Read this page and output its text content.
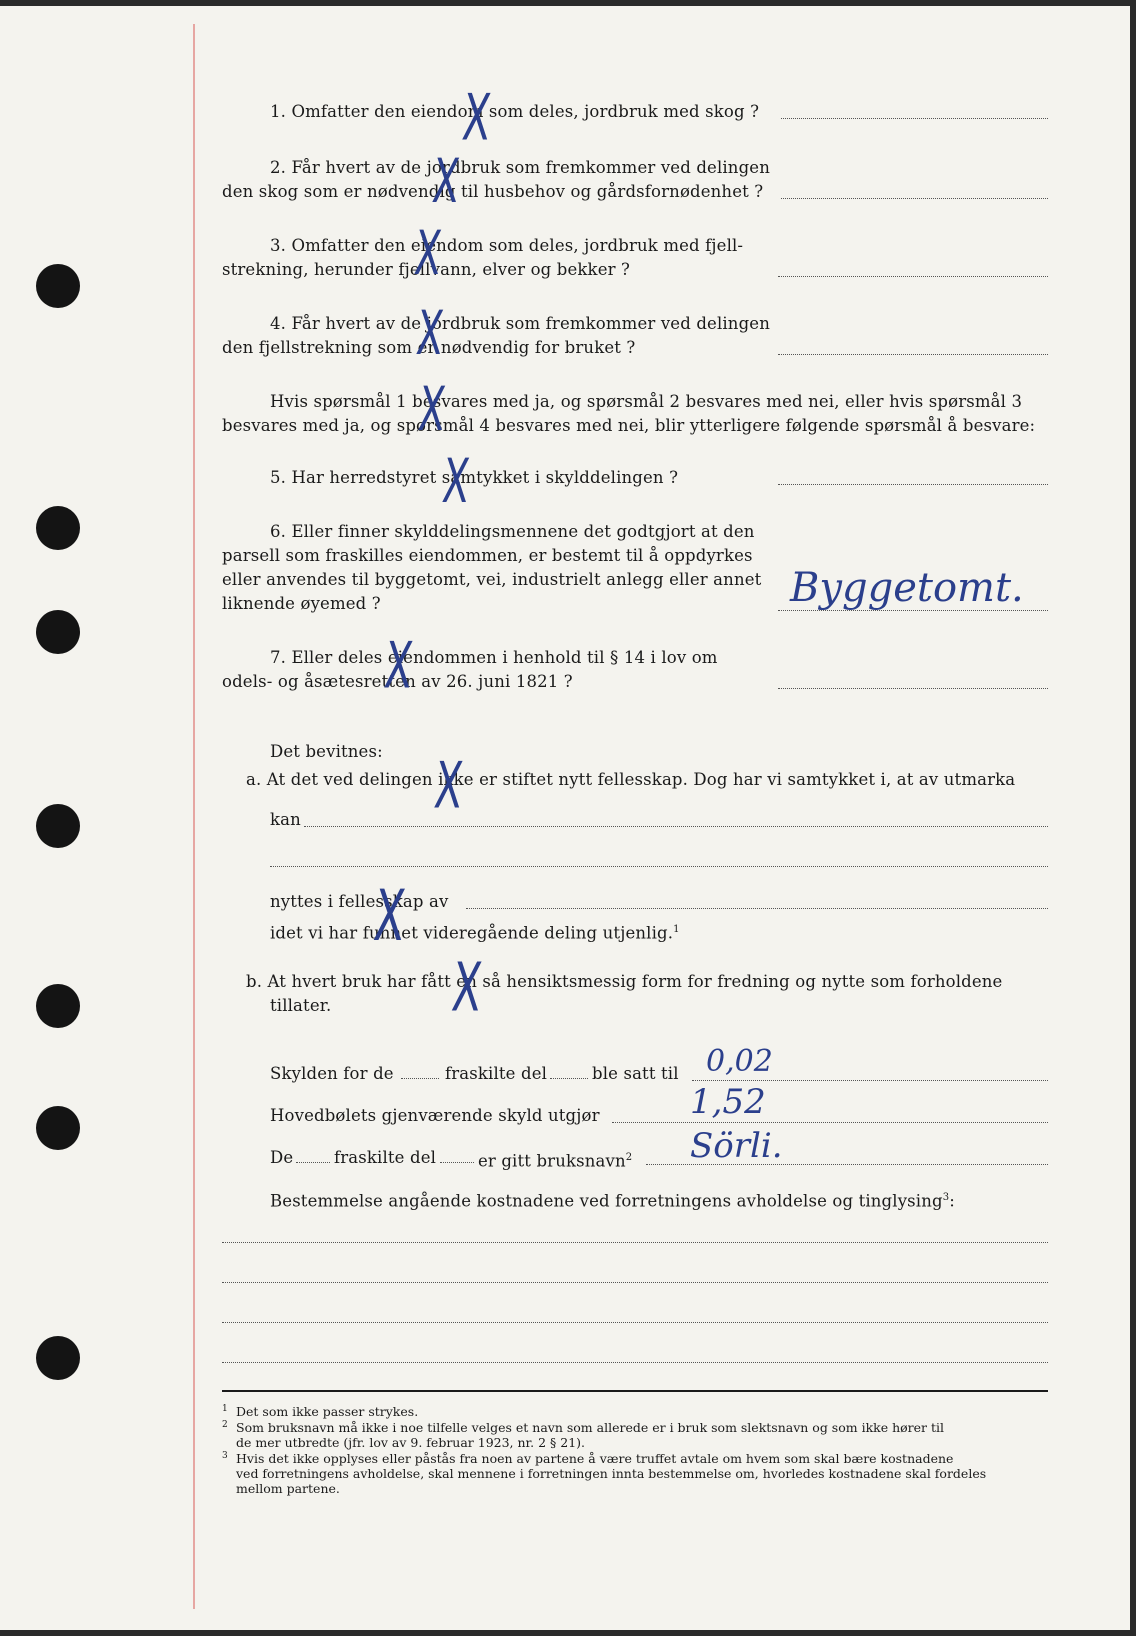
1. Omfatter den eiendom som deles, jordbruk med skog ?
2. Får hvert av de jordbruk som fremkommer ved delingen
den skog som er nødvendig til husbehov og gårdsfornødenhet ?
3. Omfatter den eiendom som deles, jordbruk med fjell-
strekning, herunder fjellvann, elver og bekker ?
4. Får hvert av de jordbruk som fremkommer ved delingen
den fjellstrekning som er nødvendig for bruket ?
Hvis spørsmål 1 besvares med ja, og spørsmål 2 besvares med nei, eller hvis spørsmål 3
besvares med ja, og spørsmål 4 besvares med nei, blir ytterligere følgende spørsmål å besvare:
5. Har herredstyret samtykket i skylddelingen ?
6. Eller finner skylddelingsmennene det godtgjort at den
parsell som fraskilles eiendommen, er bestemt til å oppdyrkes
eller anvendes til byggetomt, vei, industrielt anlegg eller annet
liknende øyemed ?	Byggetomt.
7. Eller deles eiendommen i henhold til § 14 i lov om
odels- og åsætesretten av 26. juni 1821 ?
Det bevitnes:
a. At det ved delingen ikke er stiftet nytt fellesskap. Dog har vi samtykket i, at av utmarka
kan
nyttes i fellesskap av
idet vi har funnet videregående deling utjenlig.$^1$
b. At hvert bruk har fått en så hensiktsmessig form for fredning og nytte som forholdene
tillater.
Skylden for de	fraskilte del	ble satt til 0,02
Hovedbølets gjenværende skyld utgjør	1,52
De fraskilte del	er gitt bruksnavn$^2$ Sörli.
Bestemmelse angående kostnadene ved forretningens avholdelse og tinglysing$^3$:
X
X
X
X
X
X
X
X
X
X
1 Det som ikke passer strykes.
2 Som bruksnavn må ikke i noe tilfelle velges et navn som allerede er i bruk som slektsnavn og som ikke hører til
de mer utbredte (jfr. lov av 9. februar 1923, nr. 2 § 21).
3 Hvis det ikke opplyses eller påstås fra noen av partene å være truffet avtale om hvem som skal bære kostnadene
ved forretningens avholdelse, skal mennene i forretningen innta bestemmelse om, hvorledes kostnadene skal fordeles
mellom partene.
